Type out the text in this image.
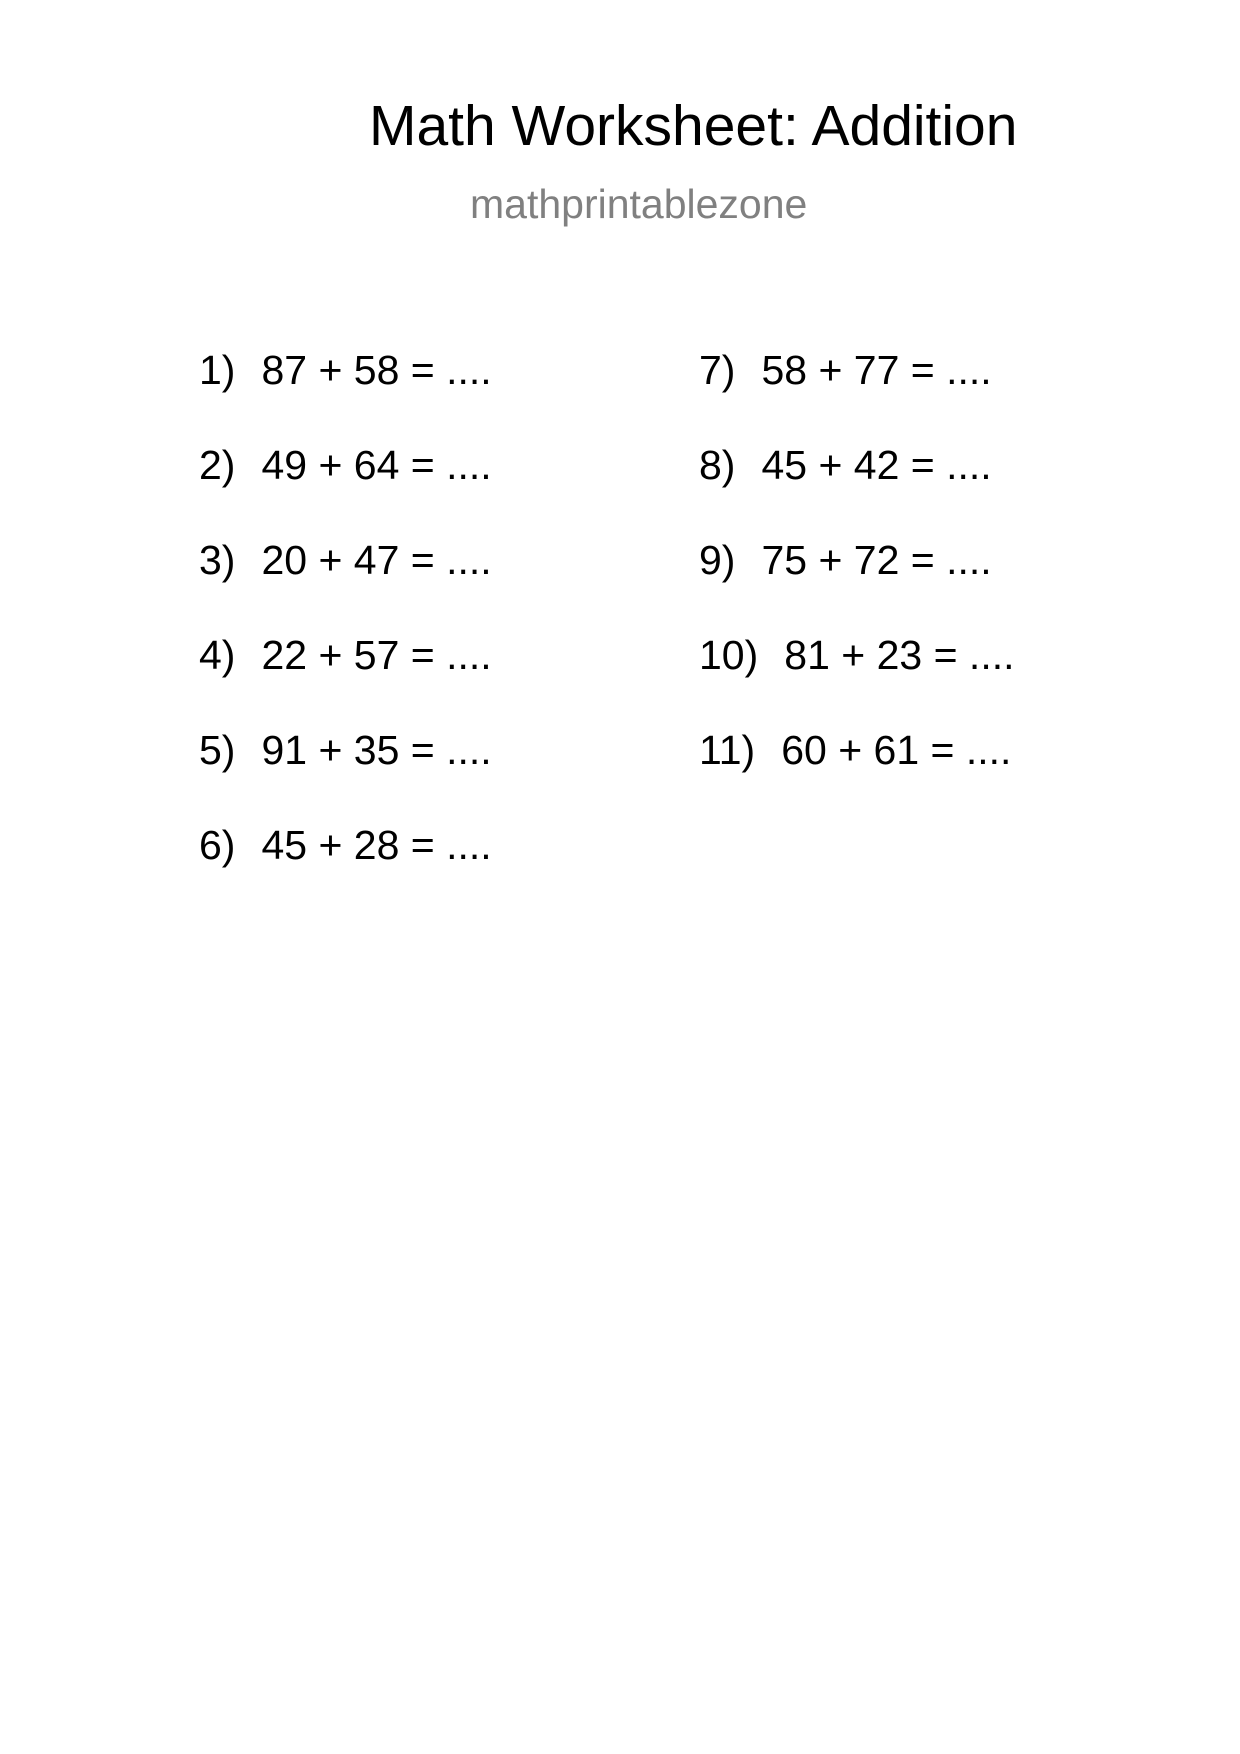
Math Worksheet: Addition
mathprintablezone
1) 87 + 58 = ....
2) 49 + 64 = ....
3) 20 + 47 = ....
4) 22 + 57 = ....
5) 91 + 35 = ....
6) 45 + 28 = ....
7) 58 + 77 = ....
8) 45 + 42 = ....
9) 75 + 72 = ....
10) 81 + 23 = ....
11) 60 + 61 = ....
